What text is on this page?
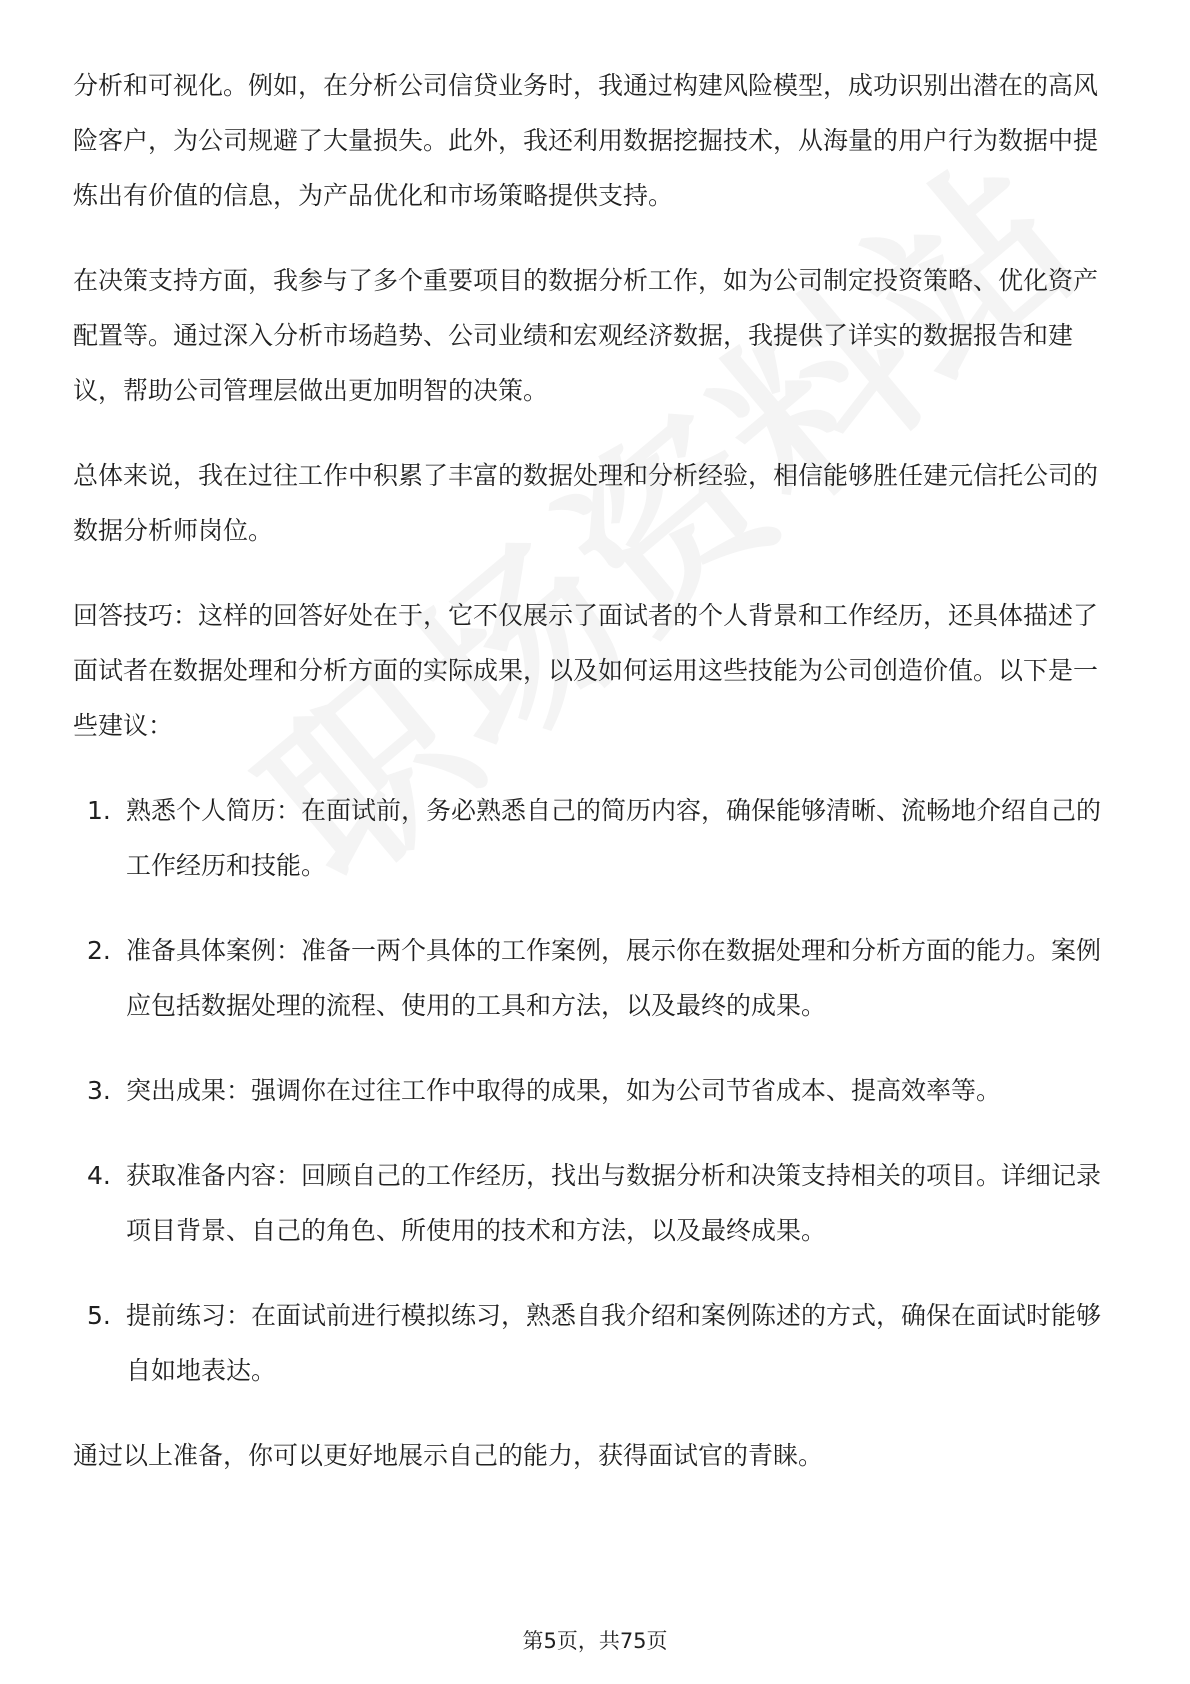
分析和可视化。例如，在分析公司信贷业务时，我通过构建风险模型，成功识别出潜在的高风险客户，为公司规避了大量损失。此外，我还利用数据挖掘技术，从海量的用户行为数据中提炼出有价值的信息，为产品优化和市场策略提供支持。

在决策支持方面，我参与了多个重要项目的数据分析工作，如为公司制定投资策略、优化资产配置等。通过深入分析市场趋势、公司业绩和宏观经济数据，我提供了详实的数据报告和建议，帮助公司管理层做出更加明智的决策。

总体来说，我在过往工作中积累了丰富的数据处理和分析经验，相信能够胜任建元信托公司的数据分析师岗位。

回答技巧：这样的回答好处在于，它不仅展示了面试者的个人背景和工作经历，还具体描述了面试者在数据处理和分析方面的实际成果，以及如何运用这些技能为公司创造价值。以下是一些建议：

1. 熟悉个人简历：在面试前，务必熟悉自己的简历内容，确保能够清晰、流畅地介绍自己的工作经历和技能。
2. 准备具体案例：准备一两个具体的工作案例，展示你在数据处理和分析方面的能力。案例应包括数据处理的流程、使用的工具和方法，以及最终的成果。
3. 突出成果：强调你在过往工作中取得的成果，如为公司节省成本、提高效率等。
4. 获取准备内容：回顾自己的工作经历，找出与数据分析和决策支持相关的项目。详细记录项目背景、自己的角色、所使用的技术和方法，以及最终成果。
5. 提前练习：在面试前进行模拟练习，熟悉自我介绍和案例陈述的方式，确保在面试时能够自如地表达。

通过以上准备，你可以更好地展示自己的能力，获得面试官的青睐。

第5页，共75页
